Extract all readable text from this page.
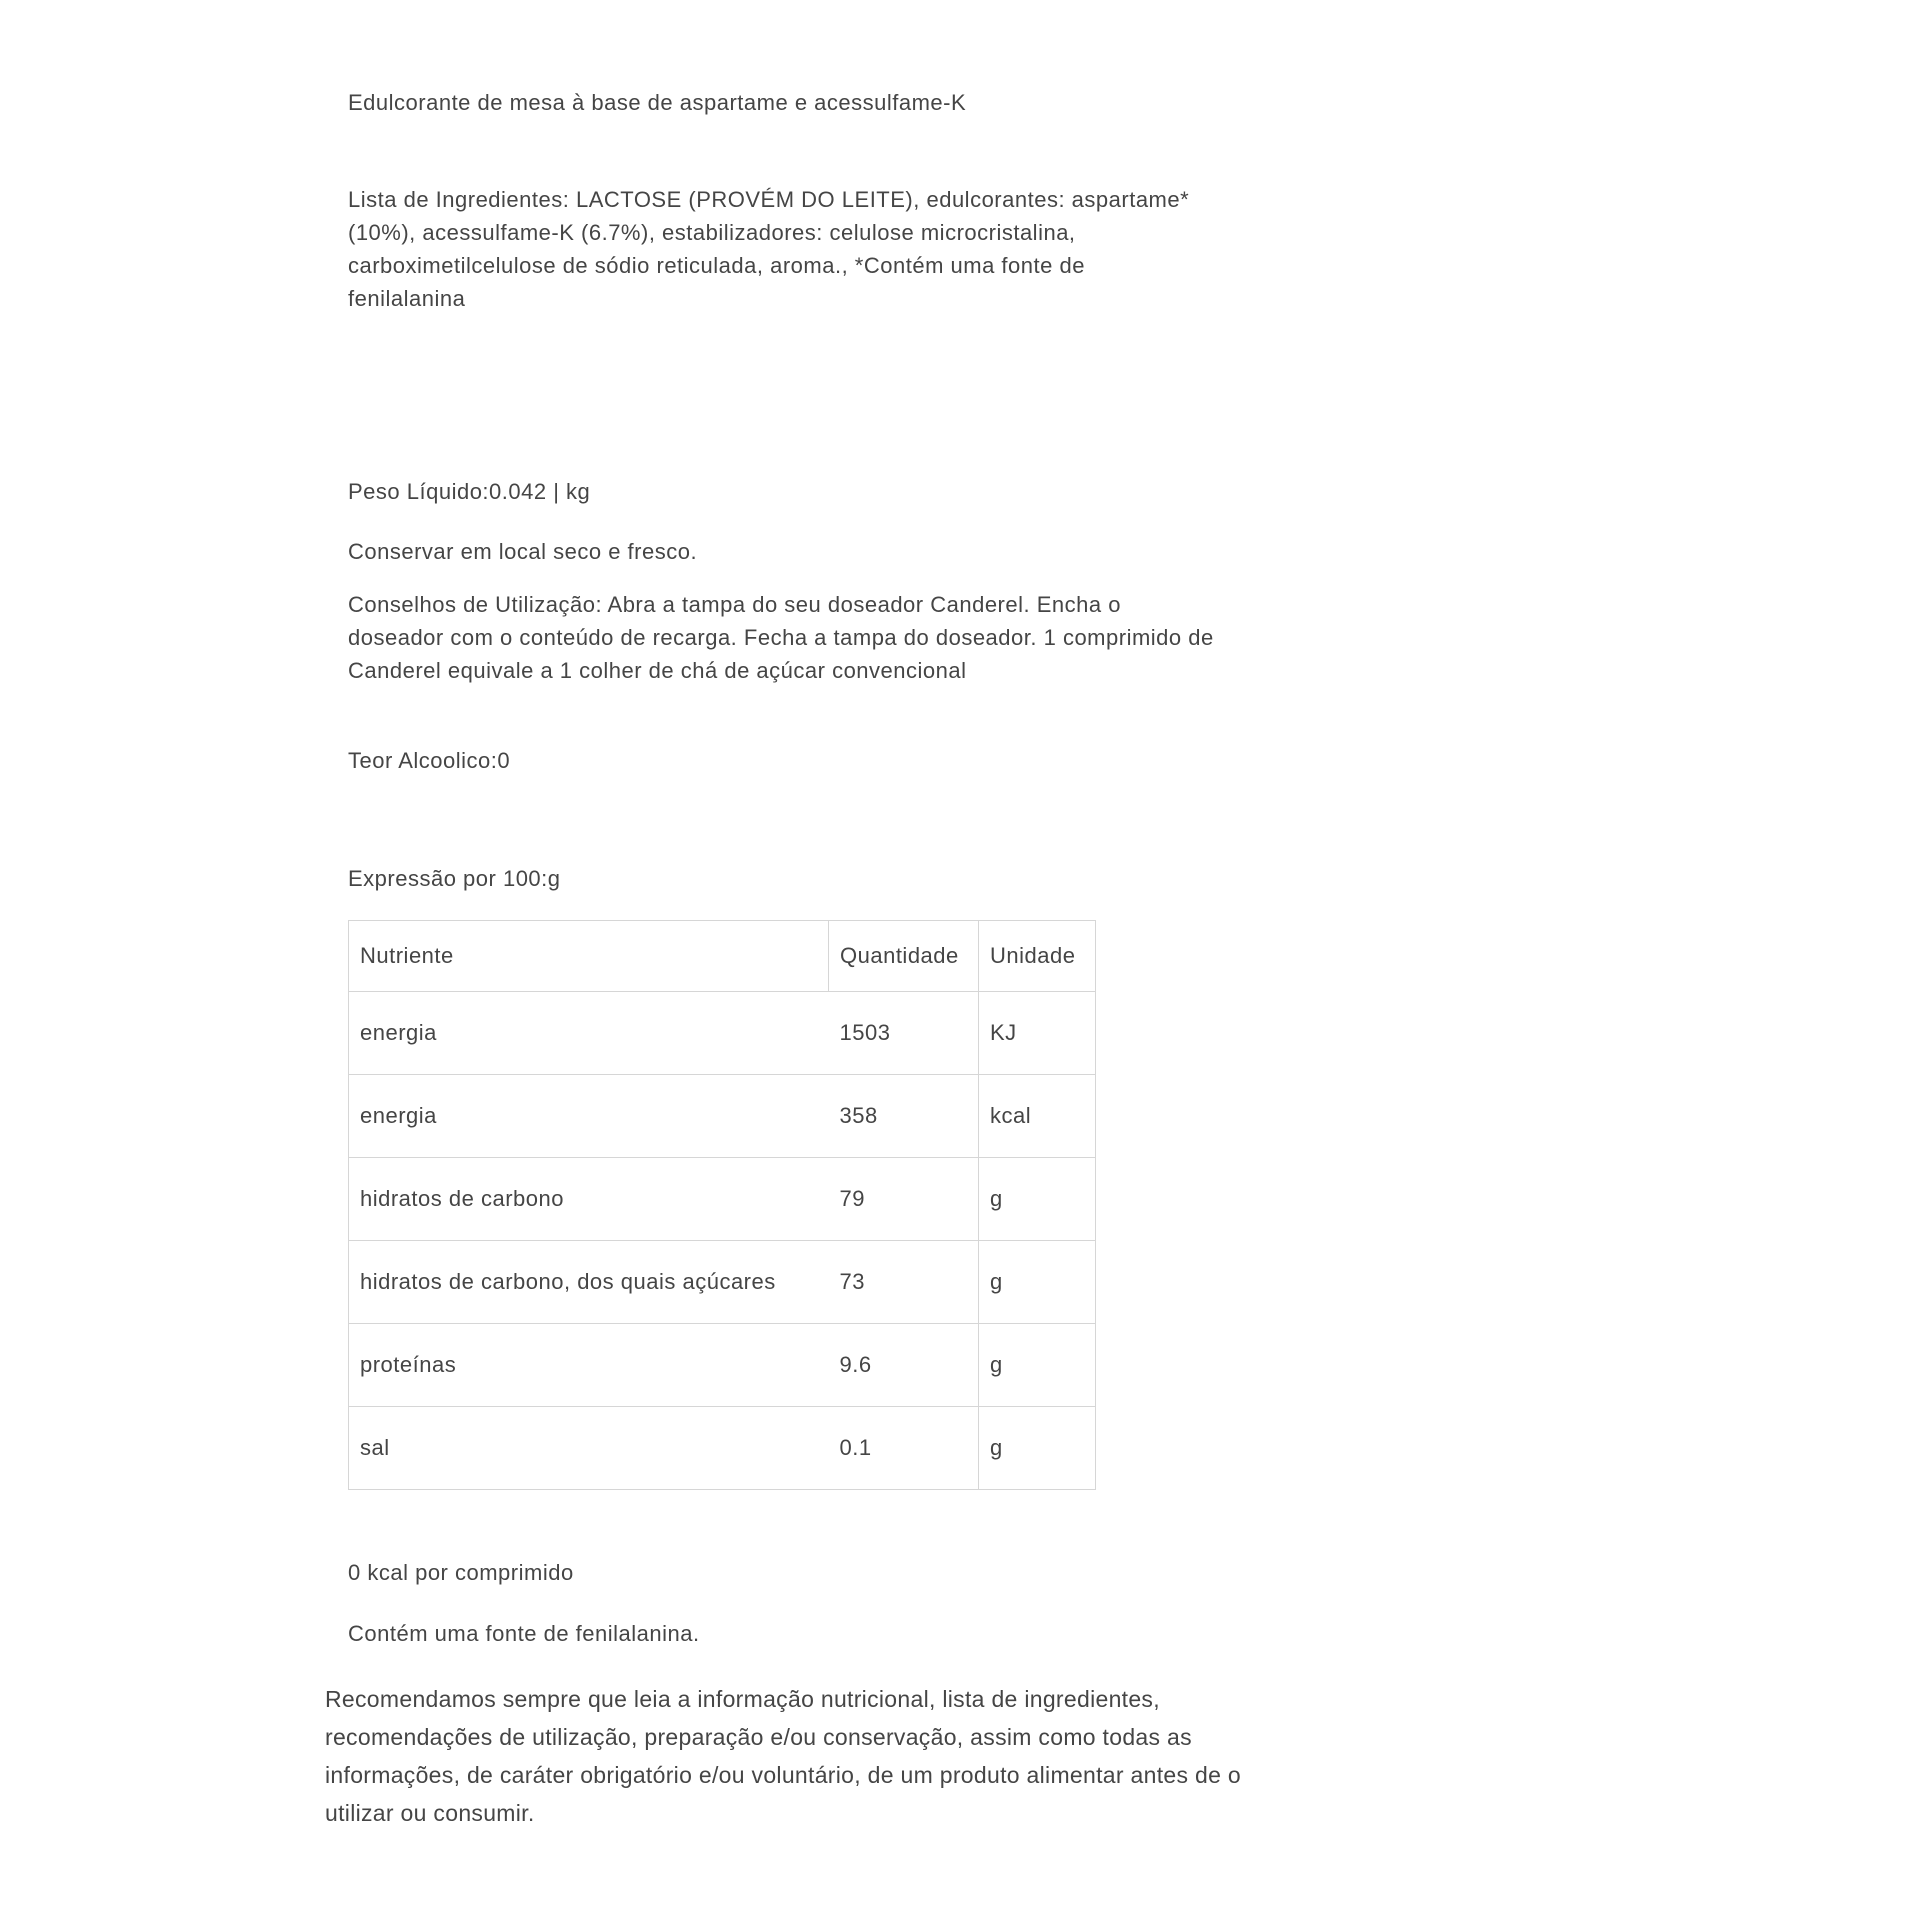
Edulcorante de mesa à base de aspartame e acessulfame-K
Lista de Ingredientes: LACTOSE (PROVÉM DO LEITE), edulcorantes: aspartame* (10%), acessulfame-K (6.7%), estabilizadores: celulose microcristalina, carboximetilcelulose de sódio reticulada, aroma., *Contém uma fonte de fenilalanina
Peso Líquido:0.042 | kg
Conservar em local seco e fresco.
Conselhos de Utilização: Abra a tampa do seu doseador Canderel. Encha o doseador com o conteúdo de recarga. Fecha a tampa do doseador. 1 comprimido de Canderel equivale a 1 colher de chá de açúcar convencional
Teor Alcoolico:0
Expressão por 100:g
Nutriente	Quantidade	Unidade
energia	1503	KJ
energia	358	kcal
hidratos de carbono	79	g
hidratos de carbono, dos quais açúcares	73	g
proteínas	9.6	g
sal	0.1	g
0 kcal por comprimido
Contém uma fonte de fenilalanina.
Recomendamos sempre que leia a informação nutricional, lista de ingredientes, recomendações de utilização, preparação e/ou conservação, assim como todas as informações, de caráter obrigatório e/ou voluntário, de um produto alimentar antes de o utilizar ou consumir.
